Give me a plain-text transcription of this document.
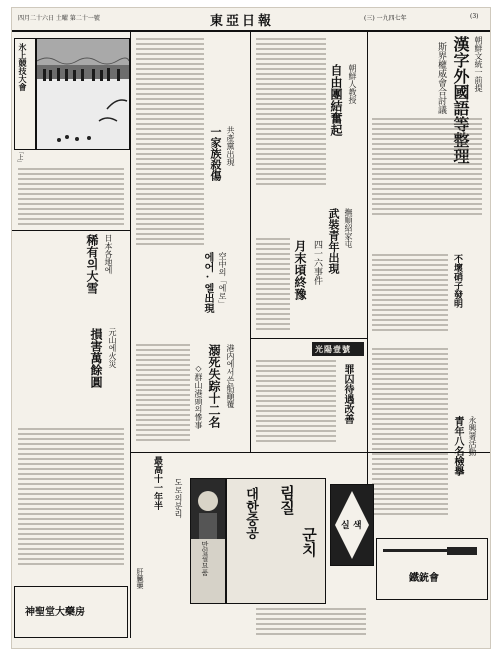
四月二十六日 土曜 第二十一號	東亞日報	(三) 一九四七年	(3)
氷上競技大會
「上」
朝鮮文統一前提
漢字外國語等整理
斯界權威會合討議
朝鮮人教授
自由團結奮起
撫順紹家屯
武裝青年出現
四一六事件
月末頃終豫
共產黨出現
一家族殺傷
空中의「에로」
에어·엘出現
日本各地에
稀有의大雪
元山에火災
損害萬餘圓	港内에서쓴船顚覆
溺死失踪十二名
◇群山港頭의慘事
最高十一年半
光陽壹號
罪囚待遇改善
不壞硝子發明
永興署活動
青年八名檢擧
림질
대한중공
군치
만일필묘품
도로의분리
실 색
鐵銃會
神聖堂大藥房
肝臟藥
